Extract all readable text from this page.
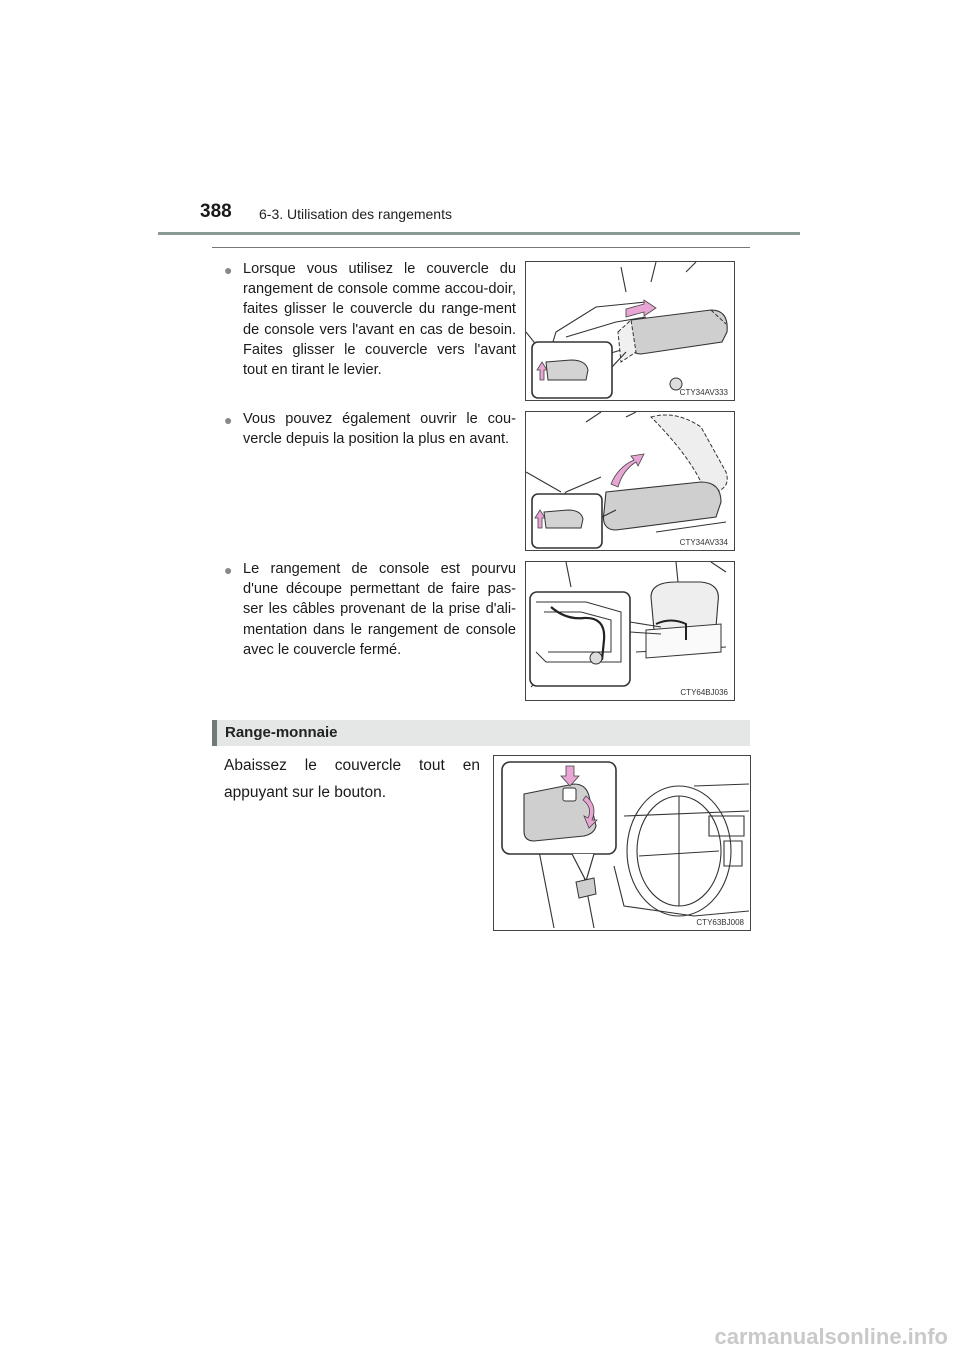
388 6-3. Utilisation des rangements
● Lorsque vous utilisez le couvercle du rangement de console comme accou-doir, faites glisser le couvercle du range-ment de console vers l'avant en cas de besoin. Faites glisser le couvercle vers l'avant tout en tirant le levier.
● Vous pouvez également ouvrir le cou-vercle depuis la position la plus en avant.
● Le rangement de console est pourvu d'une découpe permettant de faire pas-ser les câbles provenant de la prise d'ali-mentation dans le rangement de console avec le couvercle fermé.
CTY34AV333
CTY34AV334
CTY64BJ036
Range-monnaie
Abaissez le couvercle tout en appuyant sur le bouton.
CTY63BJ008
carmanualsonline.info
